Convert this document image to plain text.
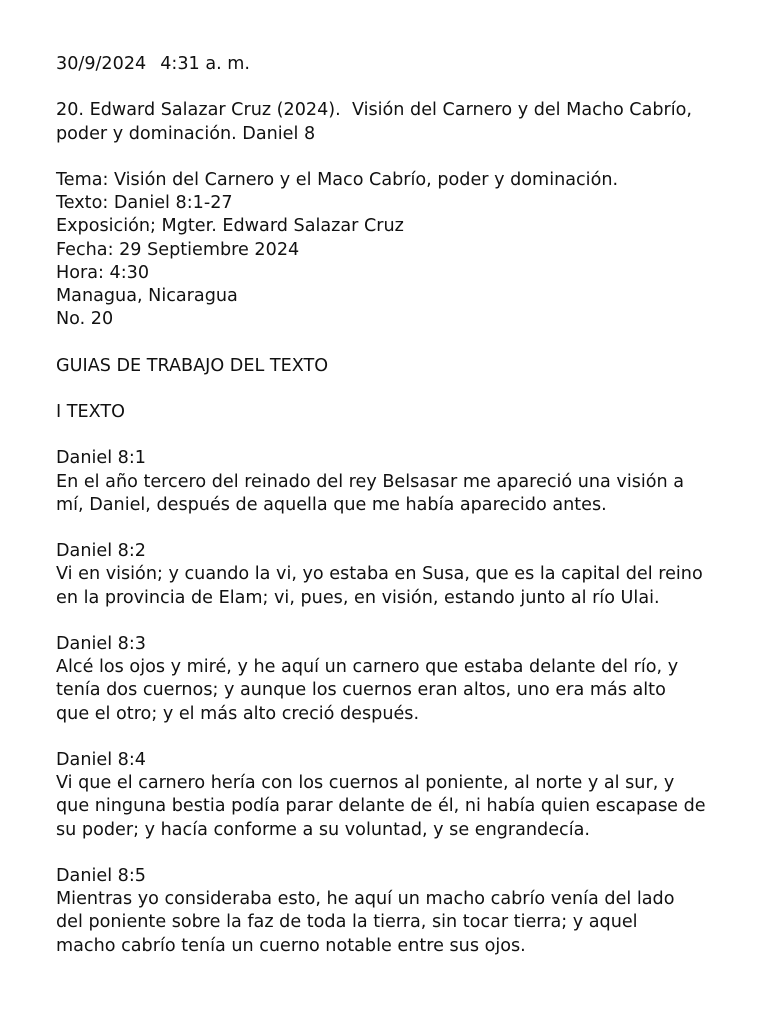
30/9/2024 4:31 a. m.
20. Edward Salazar Cruz (2024).  Visión del Carnero y del Macho Cabrío,
poder y dominación. Daniel 8
Tema: Visión del Carnero y el Maco Cabrío, poder y dominación.
Texto: Daniel 8:1-27
Exposición; Mgter. Edward Salazar Cruz
Fecha: 29 Septiembre 2024
Hora: 4:30
Managua, Nicaragua
No. 20
GUIAS DE TRABAJO DEL TEXTO
I TEXTO
Daniel 8:1
En el año tercero del reinado del rey Belsasar me apareció una visión a
mí, Daniel, después de aquella que me había aparecido antes.
Daniel 8:2
Vi en visión; y cuando la vi, yo estaba en Susa, que es la capital del reino
en la provincia de Elam; vi, pues, en visión, estando junto al río Ulai.
Daniel 8:3
Alcé los ojos y miré, y he aquí un carnero que estaba delante del río, y
tenía dos cuernos; y aunque los cuernos eran altos, uno era más alto
que el otro; y el más alto creció después.
Daniel 8:4
Vi que el carnero hería con los cuernos al poniente, al norte y al sur, y
que ninguna bestia podía parar delante de él, ni había quien escapase de
su poder; y hacía conforme a su voluntad, y se engrandecía.
Daniel 8:5
Mientras yo consideraba esto, he aquí un macho cabrío venía del lado
del poniente sobre la faz de toda la tierra, sin tocar tierra; y aquel
macho cabrío tenía un cuerno notable entre sus ojos.
